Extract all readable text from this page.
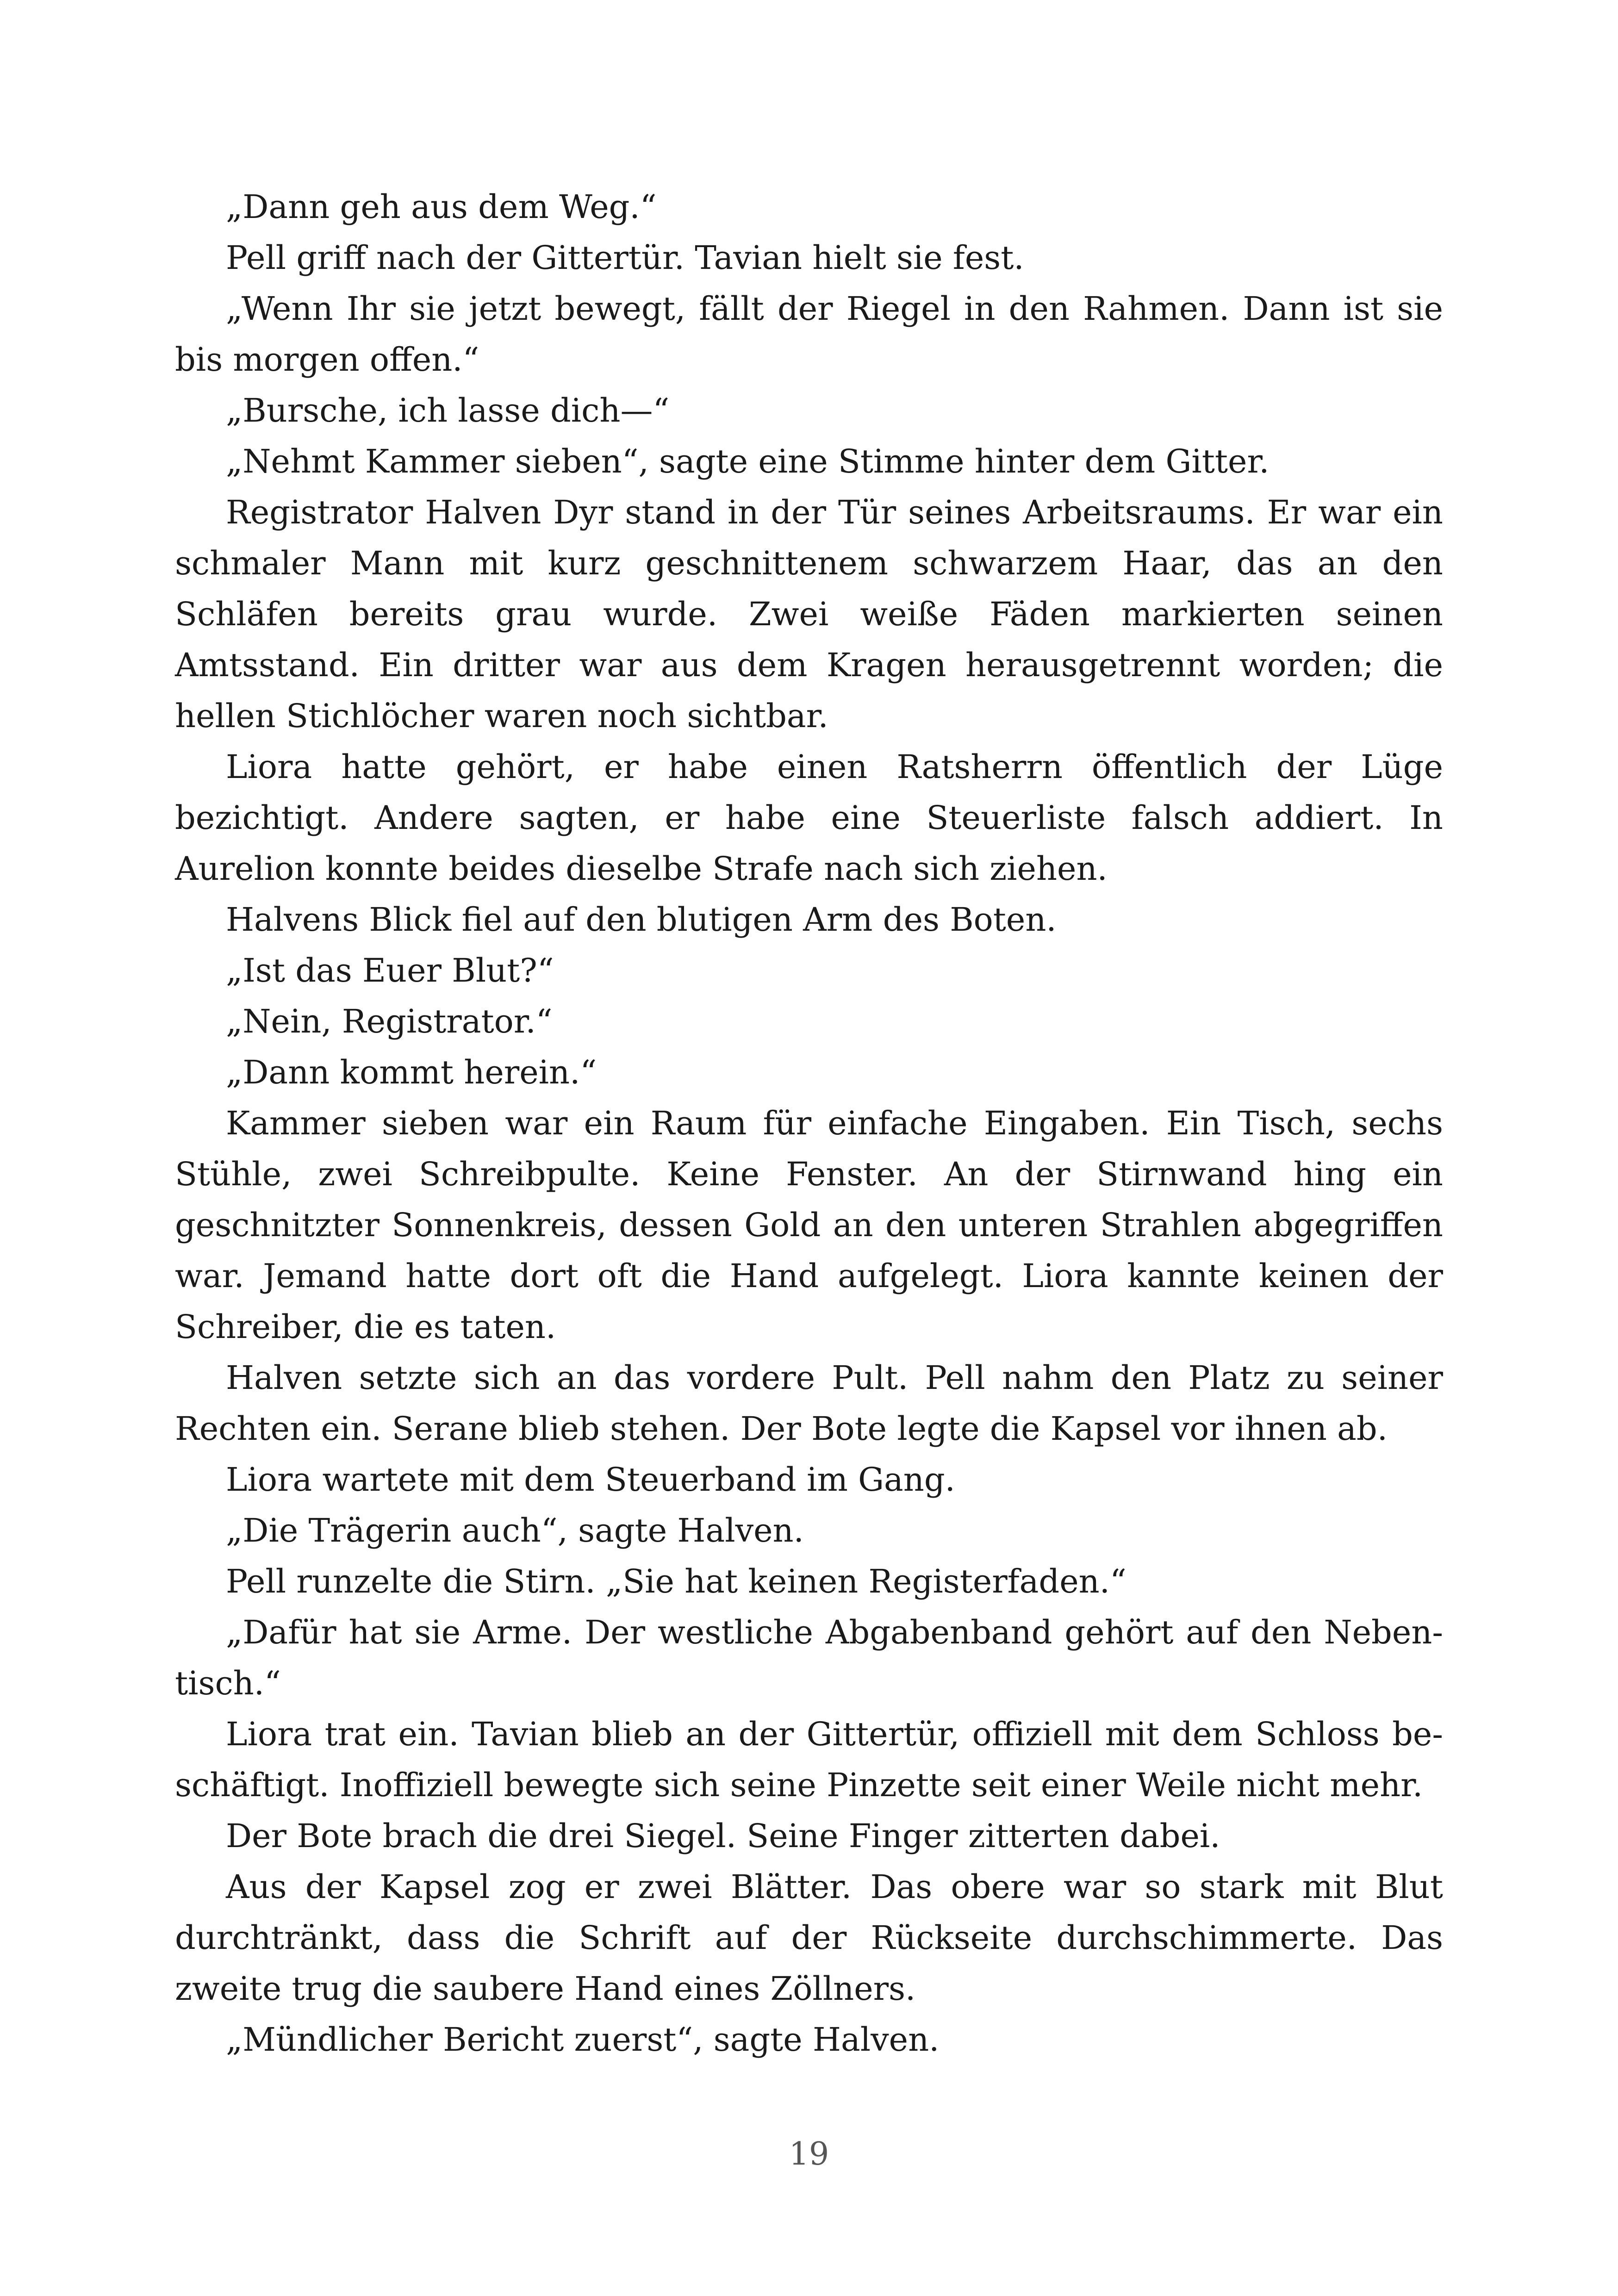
„Dann geh aus dem Weg.“

Pell griff nach der Gittertür. Tavian hielt sie fest.

„Wenn Ihr sie jetzt bewegt, fällt der Riegel in den Rahmen. Dann ist sie bis morgen offen.“

„Bursche, ich lasse dich—“

„Nehmt Kammer sieben“, sagte eine Stimme hinter dem Gitter.

Registrator Halven Dyr stand in der Tür seines Arbeitsraums. Er war ein schmaler Mann mit kurz geschnittenem schwarzem Haar, das an den Schläfen bereits grau wurde. Zwei weiße Fäden markierten seinen Amtsstand. Ein dritter war aus dem Kragen herausgetrennt worden; die hellen Stichlöcher waren noch sichtbar.

Liora hatte gehört, er habe einen Ratsherrn öffentlich der Lüge bezichtigt. Andere sagten, er habe eine Steuerliste falsch addiert. In Aurelion konnte beides dieselbe Strafe nach sich ziehen.

Halvens Blick fiel auf den blutigen Arm des Boten.

„Ist das Euer Blut?“

„Nein, Registrator.“

„Dann kommt herein.“

Kammer sieben war ein Raum für einfache Eingaben. Ein Tisch, sechs Stühle, zwei Schreibpulte. Keine Fenster. An der Stirnwand hing ein geschnitzter Sonnenkreis, dessen Gold an den unteren Strahlen abgegriffen war. Jemand hatte dort oft die Hand aufgelegt. Liora kannte keinen der Schreiber, die es taten.

Halven setzte sich an das vordere Pult. Pell nahm den Platz zu seiner Rechten ein. Serane blieb stehen. Der Bote legte die Kapsel vor ihnen ab.

Liora wartete mit dem Steuerband im Gang.

„Die Trägerin auch“, sagte Halven.

Pell runzelte die Stirn. „Sie hat keinen Registerfaden.“

„Dafür hat sie Arme. Der westliche Abgabenband gehört auf den Nebentisch.“

Liora trat ein. Tavian blieb an der Gittertür, offiziell mit dem Schloss beschäftigt. Inoffiziell bewegte sich seine Pinzette seit einer Weile nicht mehr.

Der Bote brach die drei Siegel. Seine Finger zitterten dabei.

Aus der Kapsel zog er zwei Blätter. Das obere war so stark mit Blut durchtränkt, dass die Schrift auf der Rückseite durchschimmerte. Das zweite trug die saubere Hand eines Zöllners.

„Mündlicher Bericht zuerst“, sagte Halven.

19
